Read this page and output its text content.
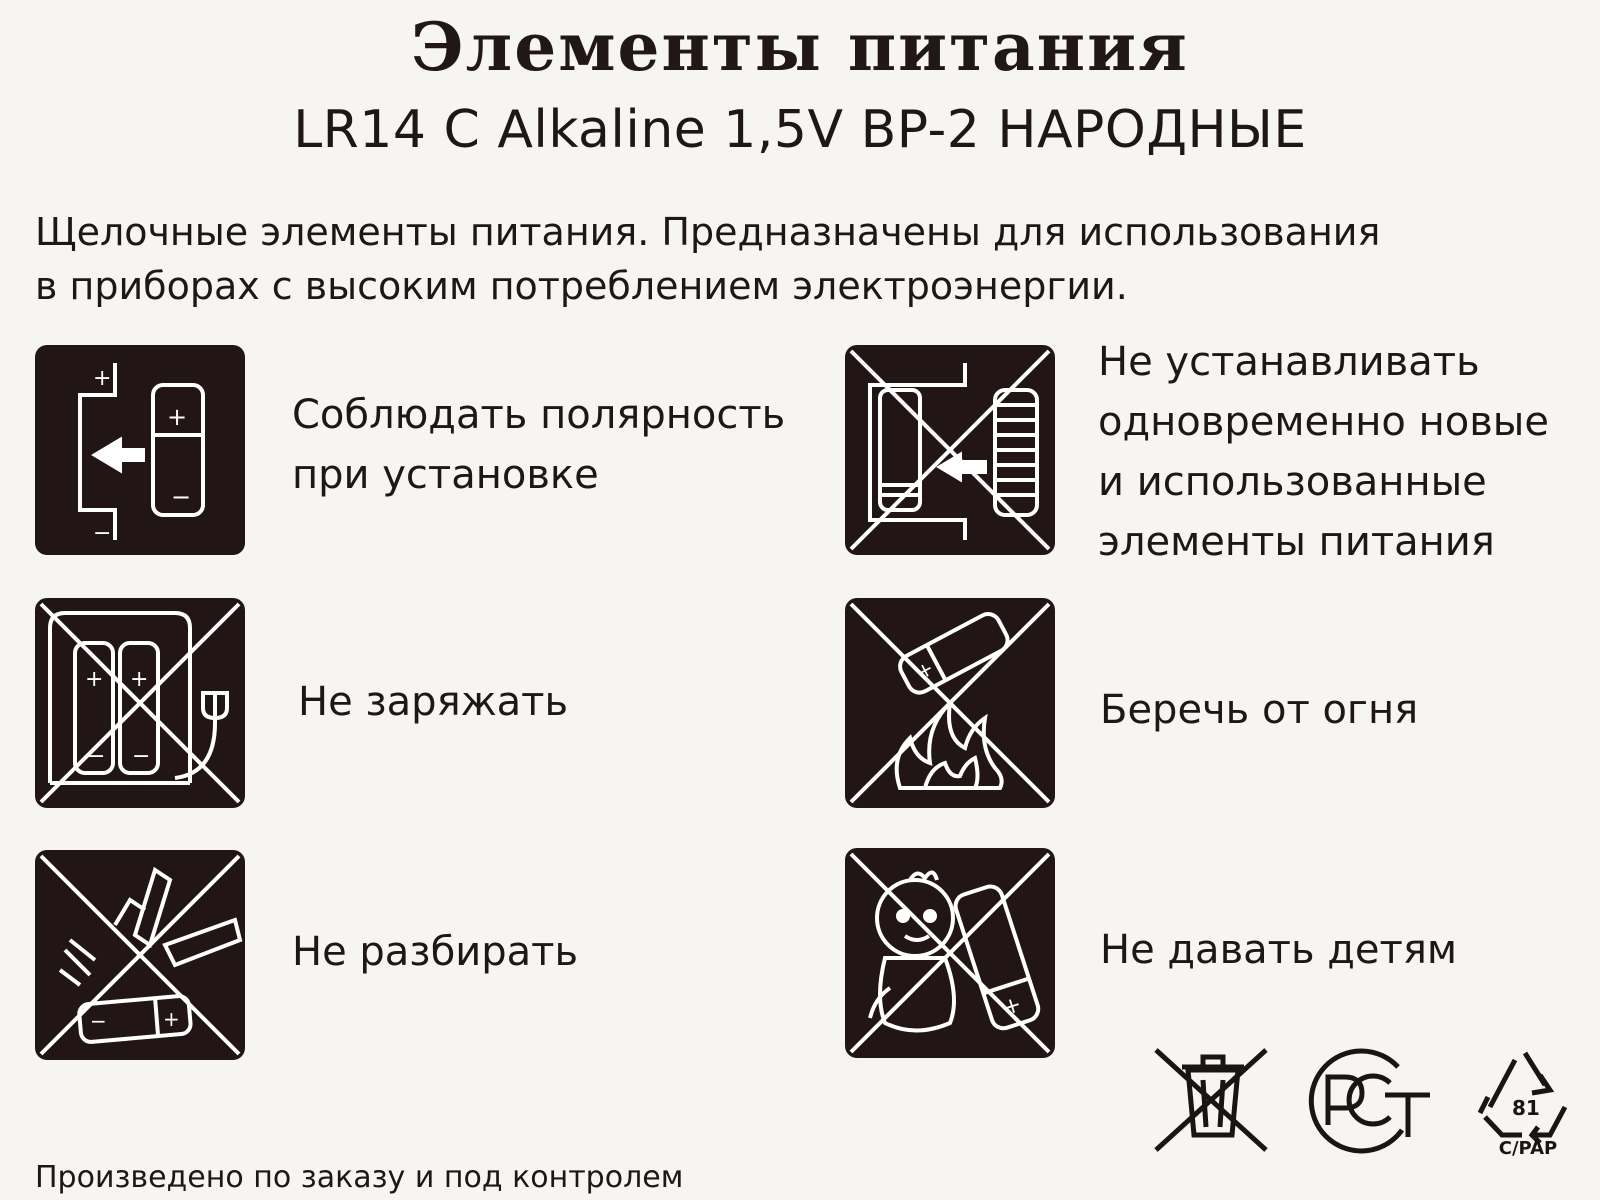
Элементы питания
LR14 C Alkaline 1,5V BP-2 НАРОДНЫЕ
Щелочные элементы питания. Предназначены для использования
в приборах с высоким потреблением электроэнергии.
+
−
+
−
Соблюдать полярность
при установке
Не устанавливать
одновременно новые
и использованные
элементы питания
+ +
− −
Не заряжать
+
Беречь от огня
−	+
Не разбирать
+
Не давать детям
81
C/PAP
Произведено по заказу и под контролем
